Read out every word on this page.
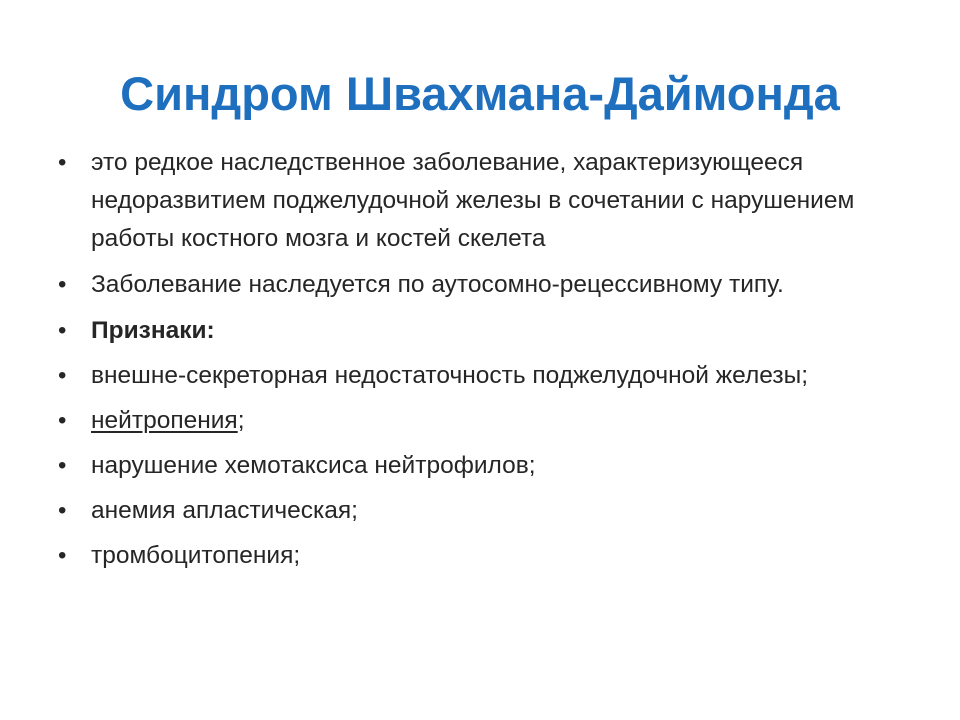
Синдром Швахмана-Даймонда
• это редкое наследственное заболевание, характеризующееся недоразвитием поджелудочной железы в сочетании с нарушением работы костного мозга и костей скелета
• Заболевание наследуется по аутосомно-рецессивному типу.
• Признаки:
• внешне-секреторная недостаточность поджелудочной железы;
• нейтропения;
• нарушение хемотаксиса нейтрофилов;
• анемия апластическая;
• тромбоцитопения;
